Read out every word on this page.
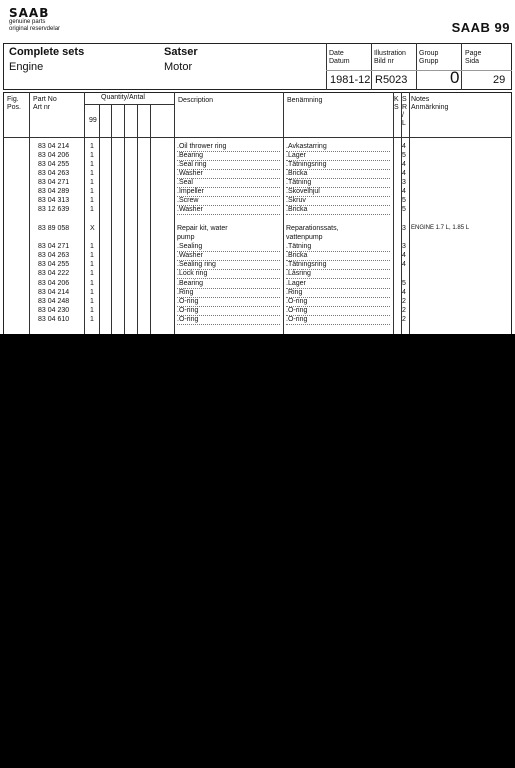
SAAB
genuine parts
original reservdelar	SAAB 99
Complete sets
Engine
Satser
Motor
Date
Datum
1981-12
Illustration
Bild nr
R5023
Group
Grupp
0
Page
Sida
29
Fig.
Pos.
Part No
Art nr
Quantity/Antal
99
Description	Benämning	K
S
S
R
/
L
Notes
Anmärkning
83 04 214	1	.Oil thrower ring	.Avkastarring	4
83 04 206	1	.Bearing	.Lager	5
83 04 255	1	.Seal ring	.Tätningsring	4
83 04 263	1	.Washer	.Bricka	4
83 04 271	1	.Seal	.Tätning	3
83 04 289	1	.Impeller	.Skovelhjul	4
83 04 313	1	.Screw	.Skruv	5
83 12 639	1	.Washer	.Bricka	5
83 89 058	X	Repair kit, water	Reparationssats,	3 ENGINE 1.7 L, 1.85 L
pump	vattenpump
83 04 271	1	.Sealing	.Tätning	3
83 04 263	1	.Washer	.Bricka	4
83 04 255	1	.Sealing ring	.Tätningsring	4
83 04 222	1	.Lock ring	.Låsring
83 04 206	1	.Bearing	.Lager	5
83 04 214	1	.Ring	.Ring	4
83 04 248	1	.O-ring	.O-ring	2
83 04 230	1	.O-ring	.O-ring	2
83 04 610	1	.O-ring	.O-ring	2
